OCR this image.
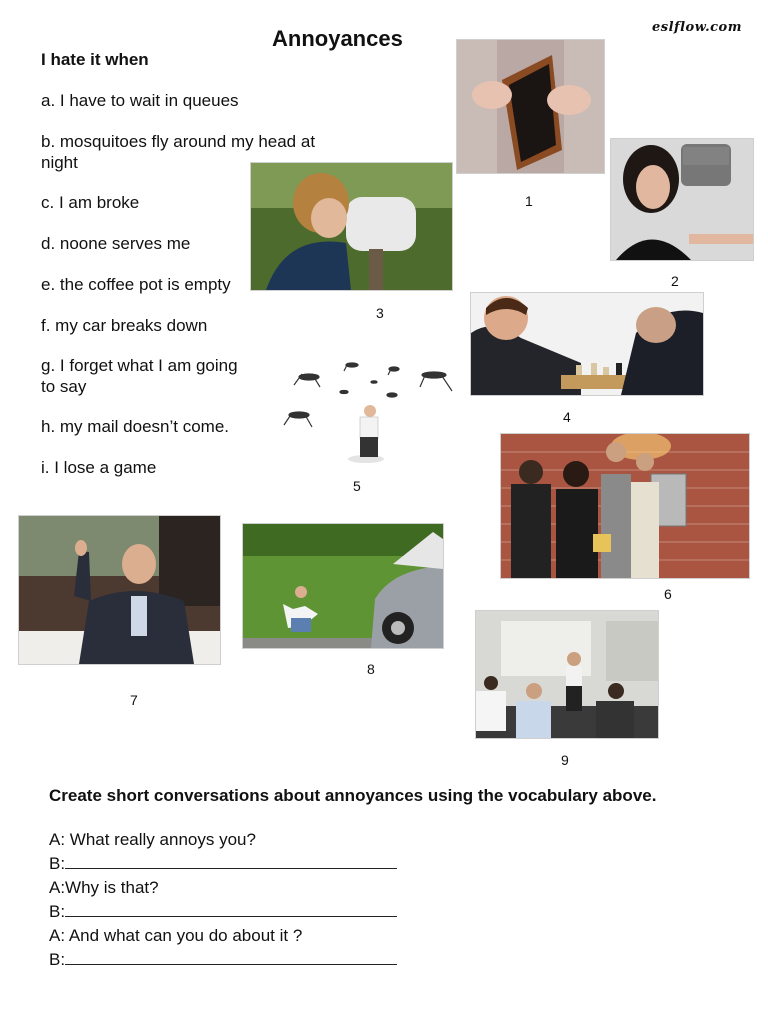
Annoyances	eslflow.com
I hate it when
a. I have to wait in queues
b. mosquitoes fly around my head at
night
c. I am broke
d. noone serves me
e. the coffee pot is empty
f. my car breaks down
g. I forget what I am going
to say
h. my mail doesn’t come.
i. I lose a game
1
2
3
4
5
6
7
8
9
Create short conversations about annoyances using the vocabulary above.
A: What really annoys you?
B:
A:Why is that?
B:
A: And what can you do about it ?
B:
